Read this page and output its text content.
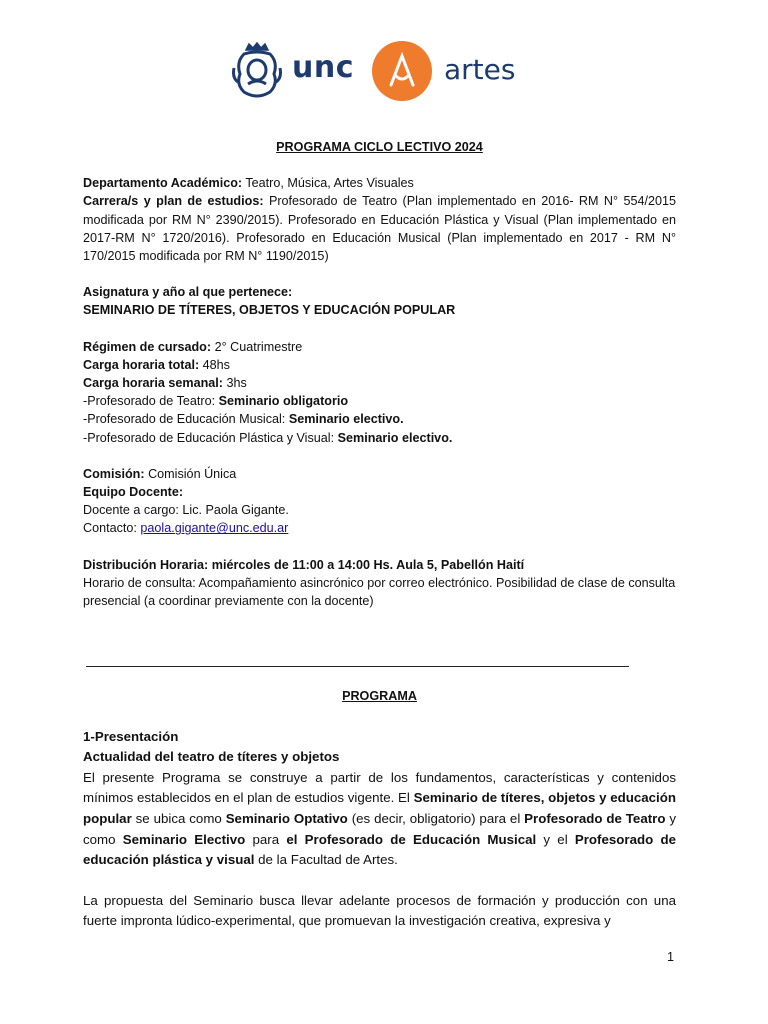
unc	artes

PROGRAMA CICLO LECTIVO 2024

Departamento Académico: Teatro, Música, Artes Visuales

Carrera/s y plan de estudios: Profesorado de Teatro (Plan implementado en 2016- RM N° 554/2015 modificada por RM N° 2390/2015). Profesorado en Educación Plástica y Visual (Plan implementado en 2017-RM N° 1720/2016). Profesorado en Educación Musical (Plan implementado en 2017 - RM N° 170/2015 modificada por RM N° 1190/2015)

Asignatura y año al que pertenece:

SEMINARIO DE TÍTERES, OBJETOS Y EDUCACIÓN POPULAR

Régimen de cursado: 2° Cuatrimestre

Carga horaria total: 48hs

Carga horaria semanal: 3hs

-Profesorado de Teatro: Seminario obligatorio

-Profesorado de Educación Musical: Seminario electivo.

-Profesorado de Educación Plástica y Visual: Seminario electivo.

Comisión: Comisión Única

Equipo Docente:

Docente a cargo: Lic. Paola Gigante.

Contacto: paola.gigante@unc.edu.ar

Distribución Horaria: miércoles de 11:00 a 14:00 Hs. Aula 5, Pabellón Haití

Horario de consulta: Acompañamiento asincrónico por correo electrónico. Posibilidad de clase de consulta presencial (a coordinar previamente con la docente)

PROGRAMA

1-Presentación

Actualidad del teatro de títeres y objetos

El presente Programa se construye a partir de los fundamentos, características y contenidos mínimos establecidos en el plan de estudios vigente. El Seminario de títeres, objetos y educación popular se ubica como Seminario Optativo (es decir, obligatorio) para el Profesorado de Teatro y como Seminario Electivo para el Profesorado de Educación Musical y el Profesorado de educación plástica y visual de la Facultad de Artes.

La propuesta del Seminario busca llevar adelante procesos de formación y producción con una fuerte impronta lúdico-experimental, que promuevan la investigación creativa, expresiva y

1
